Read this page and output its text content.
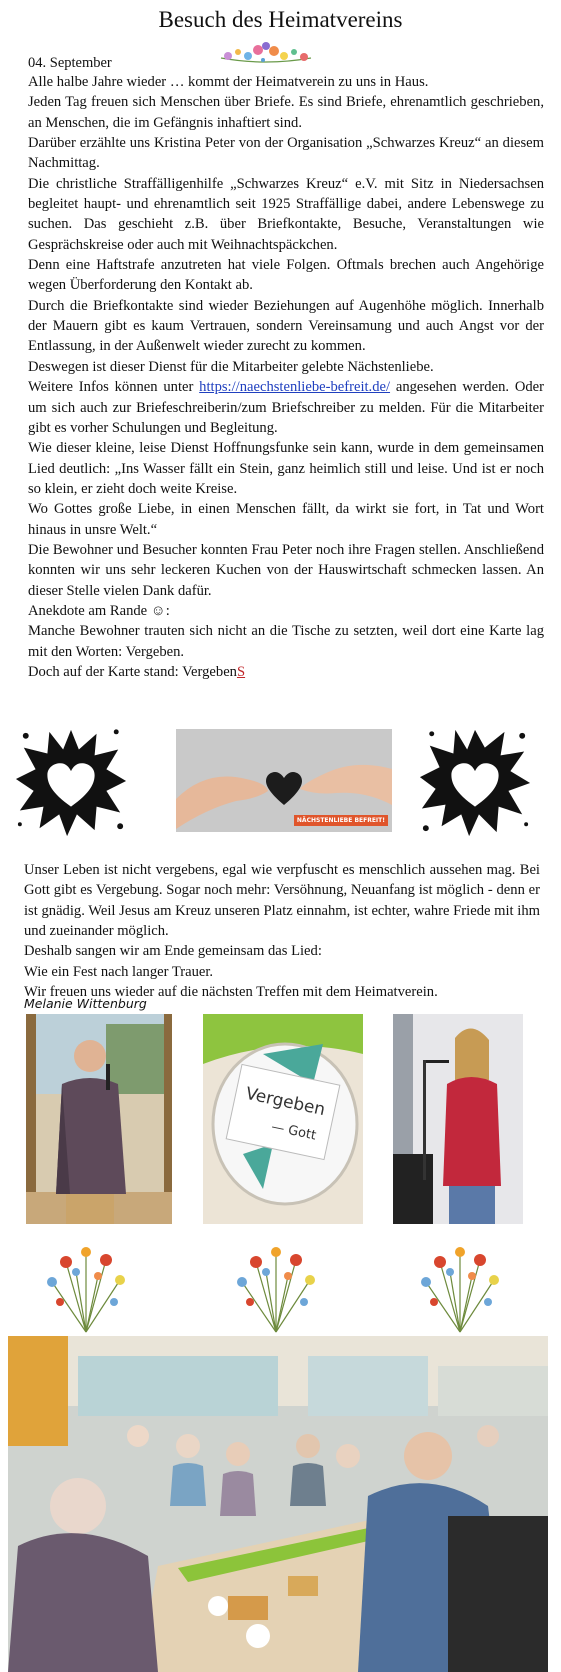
Besuch des Heimatvereins
04. September

Alle halbe Jahre wieder … kommt der Heimatverein zu uns in Haus.

Jeden Tag freuen sich Menschen über Briefe. Es sind Briefe, ehrenamtlich geschrieben, an Menschen, die im Gefängnis inhaftiert sind.

Darüber erzählte uns Kristina Peter von der Organisation „Schwarzes Kreuz“ an diesem Nachmittag.

Die christliche Straffälligenhilfe „Schwarzes Kreuz“ e.V. mit Sitz in Niedersachsen begleitet haupt- und ehrenamtlich seit 1925 Straffällige dabei, andere Lebenswege zu suchen. Das geschieht z.B. über Briefkontakte, Besuche, Veranstaltungen wie Gesprächskreise oder auch mit Weihnachtspäckchen.

Denn eine Haftstrafe anzutreten hat viele Folgen. Oftmals brechen auch Angehörige wegen Überforderung den Kontakt ab.

Durch die Briefkontakte sind wieder Beziehungen auf Augenhöhe möglich. Innerhalb der Mauern gibt es kaum Vertrauen, sondern Vereinsamung und auch Angst vor der Entlassung, in der Außenwelt wieder zurecht zu kommen.

Deswegen ist dieser Dienst für die Mitarbeiter gelebte Nächstenliebe.

Weitere Infos können unter https://naechstenliebe-befreit.de/ angesehen werden. Oder um sich auch zur Briefeschreiberin/zum Briefschreiber zu melden. Für die Mitarbeiter gibt es vorher Schulungen und Begleitung.

Wie dieser kleine, leise Dienst Hoffnungsfunke sein kann, wurde in dem gemeinsamen Lied deutlich: „Ins Wasser fällt ein Stein, ganz heimlich still und leise. Und ist er noch so klein, er zieht doch weite Kreise.

Wo Gottes große Liebe, in einen Menschen fällt, da wirkt sie fort, in Tat und Wort hinaus in unsre Welt.“

Die Bewohner und Besucher konnten Frau Peter noch ihre Fragen stellen. Anschließend konnten wir uns sehr leckeren Kuchen von der Hauswirtschaft schmecken lassen. An dieser Stelle vielen Dank dafür.

Anekdote am Rande ☺:

Manche Bewohner trauten sich nicht an die Tische zu setzten, weil dort eine Karte lag mit den Worten: Vergeben.

Doch auf der Karte stand: VergebenS

NÄCHSTENLIEBE BEFREIT!

Unser Leben ist nicht vergebens, egal wie verpfuscht es menschlich aussehen mag. Bei Gott gibt es Vergebung. Sogar noch mehr: Versöhnung, Neuanfang ist möglich - denn er ist gnädig. Weil Jesus am Kreuz unseren Platz einnahm, ist echter, wahre Friede mit ihm und zueinander möglich.

Deshalb sangen wir am Ende gemeinsam das Lied:

Wie ein Fest nach langer Trauer.

Wir freuen uns wieder auf die nächsten Treffen mit dem Heimatverein.

Melanie Wittenburg
Vergeben
— Gott
